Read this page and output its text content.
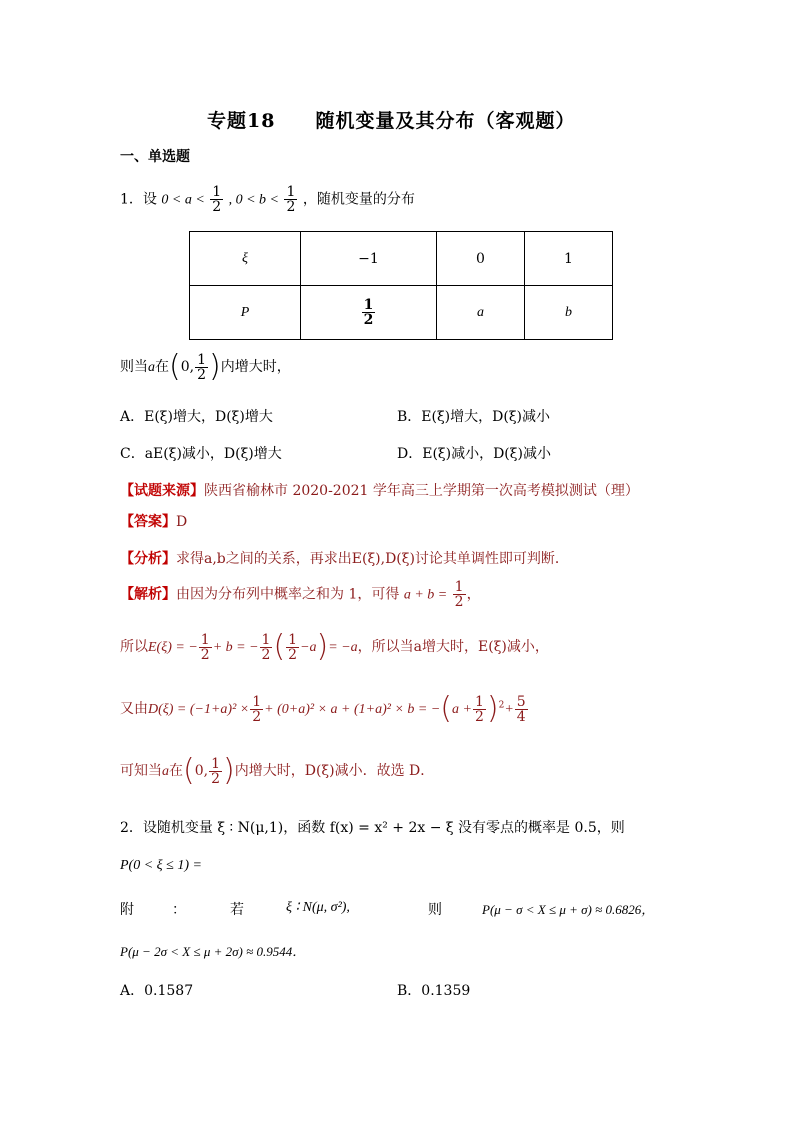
专题18　　随机变量及其分布（客观题）
一、单选题
1．设 $0 < a < \frac{1}{2}$ , $0 < b < \frac{1}{2}$ ，随机变量的分布
ξ	−1	0	1
P	$\frac{1}{2}$	a	b
则当a在(0, $\frac{1}{2}$ )内增大时，
A．E(ξ)增大，D(ξ)增大	B．E(ξ)增大，D(ξ)减小
C．aE(ξ)减小，D(ξ)增大	D．E(ξ)减小，D(ξ)减小
【试题来源】陕西省榆林市 2020-2021 学年高三上学期第一次高考模拟测试（理）
【答案】D
【分析】求得a,b之间的关系，再求出E(ξ),D(ξ)讨论其单调性即可判断．
【解析】由因为分布列中概率之和为 1，可得 $a + b = \frac{1}{2}$ ，
所以E(ξ) = − $\frac{1}{2} + b$ = − $\frac{1}{2}$ ( $\frac{1}{2} -a)= -a$，所以当a增大时，E(ξ)减小，
又由$D(\xi) = (-1+a)^2 \times \frac{1}{2} + (0+a)^2 \times a + (1+a)^2 \times b = -(a + \frac{1}{2} )^2+ \frac{5}{4}$
可知当a在(0, $\frac{1}{2}$ )内增大时，D(ξ)减小．故选 D．
2．设随机变量 ξ ∶ N(μ,1)，函数 f(x) = x² + 2x − ξ 没有零点的概率是 0.5，则
P(0 < ξ ≤ 1) =
附	：	若	ξ ∶ N(μ, σ²),	则	P(μ − σ < X ≤ μ + σ) ≈ 0.6826，
P(μ − 2σ < X ≤ μ + 2σ) ≈ 0.9544．
A．0.1587	B．0.1359
